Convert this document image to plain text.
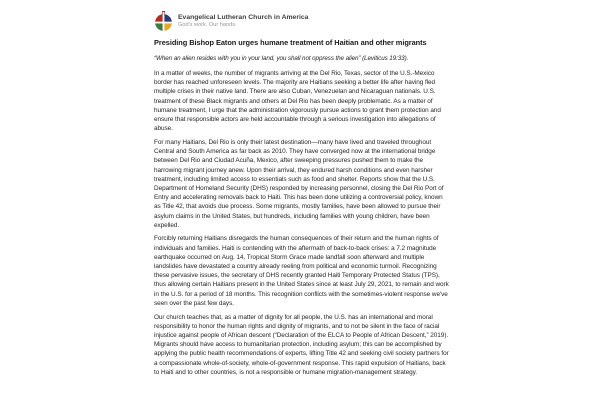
Evangelical Lutheran Church in America
God's work. Our hands.
Presiding Bishop Eaton urges humane treatment of Haitian and other migrants

“When an alien resides with you in your land, you shall not oppress the alien” (Leviticus 19:33).

In a matter of weeks, the number of migrants arriving at the Del Rio, Texas, sector of the U.S.-Mexico border has reached unforeseen levels. The majority are Haitians seeking a better life after having fled multiple crises in their native land. There are also Cuban, Venezuelan and Nicaraguan nationals. U.S. treatment of these Black migrants and others at Del Rio has been deeply problematic. As a matter of humane treatment, I urge that the administration vigorously pursue actions to grant them protection and ensure that responsible actors are held accountable through a serious investigation into allegations of abuse.

For many Haitians, Del Rio is only their latest destination—many have lived and traveled throughout Central and South America as far back as 2010. They have converged now at the international bridge between Del Rio and Ciudad Acuña, Mexico, after sweeping pressures pushed them to make the harrowing migrant journey anew. Upon their arrival, they endured harsh conditions and even harsher treatment, including limited access to essentials such as food and shelter. Reports show that the U.S. Department of Homeland Security (DHS) responded by increasing personnel, closing the Del Rio Port of Entry and accelerating removals back to Haiti. This has been done utilizing a controversial policy, known as Title 42, that avoids due process. Some migrants, mostly families, have been allowed to pursue their asylum claims in the United States, but hundreds, including families with young children, have been expelled.

Forcibly returning Haitians disregards the human consequences of their return and the human rights of individuals and families. Haiti is contending with the aftermath of back-to-back crises: a 7.2 magnitude earthquake occurred on Aug. 14, Tropical Storm Grace made landfall soon afterward and multiple landslides have devastated a country already reeling from political and economic turmoil. Recognizing these pervasive issues, the secretary of DHS recently granted Haiti Temporary Protected Status (TPS), thus allowing certain Haitians present in the United States since at least July 29, 2021, to remain and work in the U.S. for a period of 18 months. This recognition conflicts with the sometimes-violent response we've seen over the past few days.

Our church teaches that, as a matter of dignity for all people, the U.S. has an international and moral responsibility to honor the human rights and dignity of migrants, and to not be silent in the face of racial injustice against people of African descent (“Declaration of the ELCA to People of African Descent,” 2019). Migrants should have access to humanitarian protection, including asylum; this can be accomplished by applying the public health recommendations of experts, lifting Title 42 and seeking civil society partners for a compassionate whole-of-society, whole-of-government response. This rapid expulsion of Haitians, back to Haiti and to other countries, is not a responsible or humane migration-management strategy.
